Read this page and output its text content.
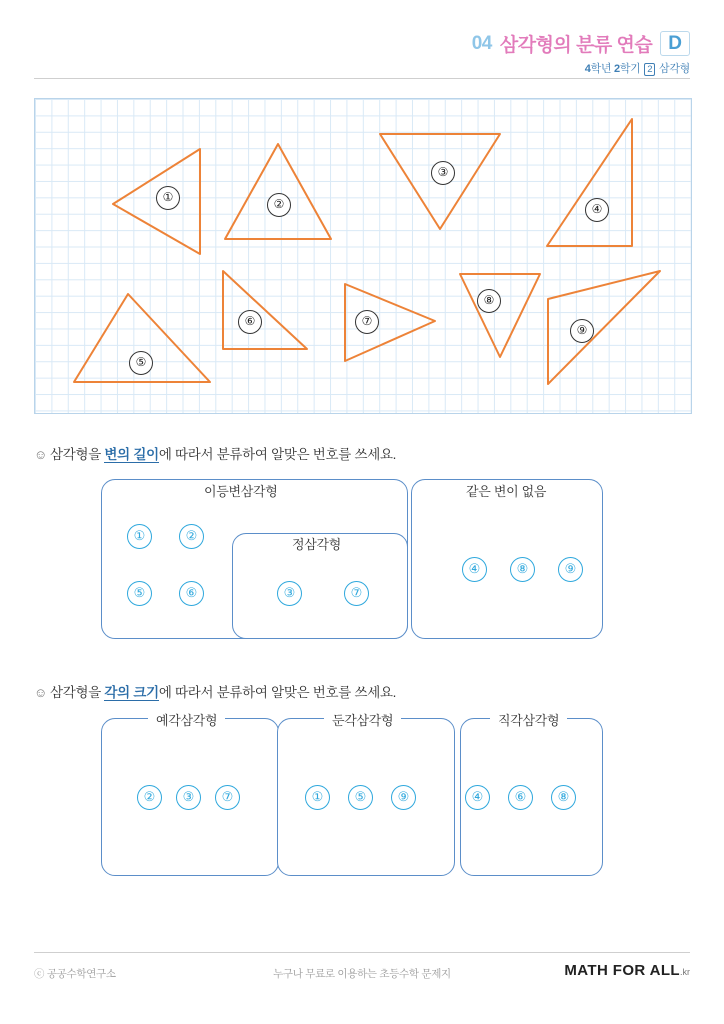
04 삼각형의 분류 연습 D
4학년 2학기 2 삼각형
①	②
③
④
⑤
⑥	⑦
⑧
⑨
☺ 삼각형을 변의 길이에 따라서 분류하여 알맞은 번호를 쓰세요.
이등변삼각형
①	②
⑤	⑥
정삼각형
③	⑦
같은 변이 없음
④	⑧	⑨
☺ 삼각형을 각의 크기에 따라서 분류하여 알맞은 번호를 쓰세요.
예각삼각형
②	③	⑦
둔각삼각형
①	⑤	⑨
직각삼각형
④	⑥	⑧
ⓒ 공공수학연구소	누구나 무료로 이용하는 초등수학 문제지	MATH FOR ALL.kr
